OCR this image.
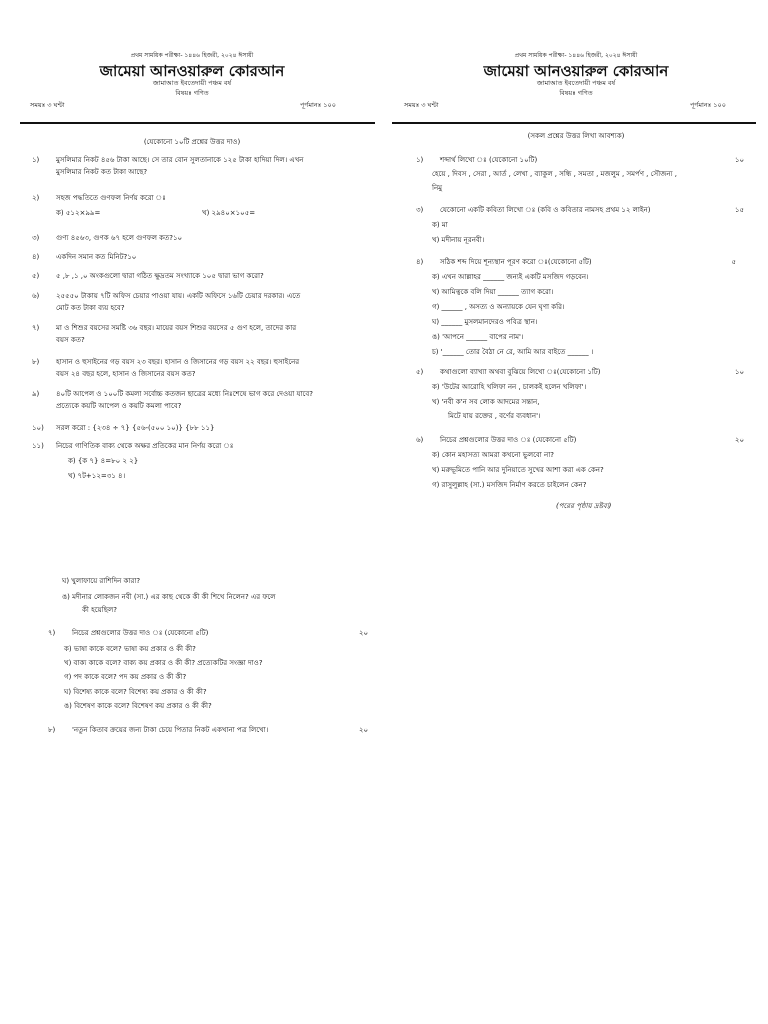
প্রথম সাময়িক পরীক্ষা- ১৪৪৬ হিজরী, ২০২৪ ঈসায়ী
জামেয়া আনওয়ারুল কোরআন
জামাআত ইবতেদায়ী পঞ্চম বর্ষ
বিষয়ঃ গণিত
সময়ঃ ৩ ঘন্টা	পূর্ণমানঃ ১০০
(যেকোনো ১০টি প্রশ্নের উত্তর দাও)
১) মুসলিমার নিকট ৪৫৬ টাকা আছে। সে তার বোন সুলতানাকে ১২৫ টাকা হাদিয়া দিল। এখন
মুসলিমার নিকট কত টাকা আছে?
২) সহজ পদ্ধতিতে গুণফল নির্ণয় করো ঃ
ক) ৫১২×৯৯=	খ) ২৯৪০×১০৫=
৩) গুণ্য ৪৫৬৩, গুণক ৬৭ হলে গুণফল কত?১০
৪) একদিন সমান কত মিনিট?১০
৫) ৫ ,৮ ,১ ,০ অংকগুলো দ্বারা গঠিত ক্ষুদ্রতম সংখ্যাকে ১০৫ দ্বারা ভাগ করো?
৬) ২৫৫৫০ টাকায় ৭টি অফিস চেয়ার পাওয়া যায়। একটি অফিসে ১৬টি চেয়ার দরকার। এতে
মোট কত টাকা ব্যয় হবে?
৭) মা ও শিশুর বয়সের সমষ্টি ৩৬ বছর। মায়ের বয়স শিশুর বয়সের ৫ গুণ হলে, তাদের কার
বয়স কত?
৮) হাসান ও হুসাইনের গড় বয়স ২৩ বছর। হাসান ও জিসানের গড় বয়স ২২ বছর। হুসাইনের
বয়স ২৪ বছর হলে, হাসান ও জিসানের বয়স কত?
৯) ৪০টি আপেল ও ১০০টি কমলা সর্বোচ্চ কতজন ছাত্রের মধ্যে নিঃশেষে ভাগ করে দেওয়া যাবে?
প্রত্যেকে কয়টি আপেল ও কয়টি কমলা পাবে?
১০) সরল করো : {২৩৪ ÷ ৭} {৫৬-(৫০০ ১০)} {৮৮ ১১}
১১) নিচের গাণিতিক বাক্য থেকে অক্ষর প্রতিকের মান নির্ণয় করো ঃ
ক) {ক ৭} ৪=৮০ ২ ২}
খ) ৭ট+১২=৩১ ৪।
ঘ) খুলাফায়ে রাশিদিন কারা?
ঙ) মদীনার লোকজন নবী (সা.) এর কাছ থেকে কী কী শিখে নিলেন? এর ফলে
কী হয়েছিল?
৭) নিচের প্রশ্নগুলোর উত্তর দাও ঃ (যেকোনো ৫টি)	২০
ক) ভাষা কাকে বলে? ভাষা কয় প্রকার ও কী কী?
খ) বাক্য কাকে বলে? বাক্য কয় প্রকার ও কী কী? প্রত্যেকটির সংজ্ঞা দাও?
গ) পদ কাকে বলে? পদ কয় প্রকার ও কী কী?
ঘ) বিশেষ্য কাকে বলে? বিশেষ্য কয় প্রকার ও কী কী?
ঙ) বিশেষণ কাকে বলে? বিশেষণ কয় প্রকার ও কী কী?
৮) 'নতুন কিতাব ক্রয়ের জন্য টাকা চেয়ে পিতার নিকট একখানা পত্র লিখো।	২০
প্রথম সাময়িক পরীক্ষা- ১৪৪৬ হিজরী, ২০২৪ ঈসায়ী
জামেয়া আনওয়ারুল কোরআন
জামাআত ইবতেদায়ী পঞ্চম বর্ষ
বিষয়ঃ গণিত
সময়ঃ ৩ ঘন্টা	পূর্ণমানঃ ১০০
(সকল প্রশ্নের উত্তর লিখা আবশ্যক)
১) শব্দার্থ লিখো ঃ (যেকোনো ১০টি)	১০
হেয়ে , দিবস , সেরা , আর্ত , লেখা , ব্যাকুল , সন্ধি , সমতা , মজলুম , সমর্পণ , সৌজন্য ,
নিমু
৩) যেকোনো একটি কবিতা লিখো ঃ (কবি ও কবিতার নামসহ প্রথম ১২ লাইন)	১৫
ক) মা
খ) মদীনায় নূরনবী।
৪) সঠিক শব্দ দিয়ে শূন্যস্থান পূরণ করো ঃ(যেকোনো ৫টি)	৫
ক) এখন আল্লাহর ______ জন্যই একটি মসজিদ গড়বেন।
খ) আমিত্বকে বলি দিয়া ______ ত্যাগ করো।
গ) ______ , অসত্য ও অন্যায়কে যেন ঘৃণা করি।
ঘ) ______ মুসলমানদেরও পবিত্র স্থান।
ঙ) 'আপনে ______ বাপের নাম'।
চ) '______ তোর বৈঠা নে রে, আমি আর বাইতে ______ ।
৫) কথাগুলো ব্যাখ্যা অথবা বুঝিয়ে লিখো ঃ(যেকোনো ১টি)	১০
ক) 'উটের আরোহি খলিফা নন , চালকই হলেন খলিফা'।
খ) 'নবী ক'ন সব লোক আদমের সন্তান,
মিটে যায় রক্তের , বর্ণের ব্যবধান'।
৬) নিচের প্রশ্নগুলোর উত্তর দাও ঃ (যেকোনো ৫টি)	২০
ক) কোন মহাসত্য আমরা কখনো ভুলবো না?
খ) মরুভূমিতে পানি আর দুনিয়াতে সুখের আশা করা এক কেন?
গ) রাসুলুল্লাহ (সা.) মসজিদ নির্মাণ করতে চাইলেন কেন?
(পরের পৃষ্ঠায় দ্রষ্টব্য)
